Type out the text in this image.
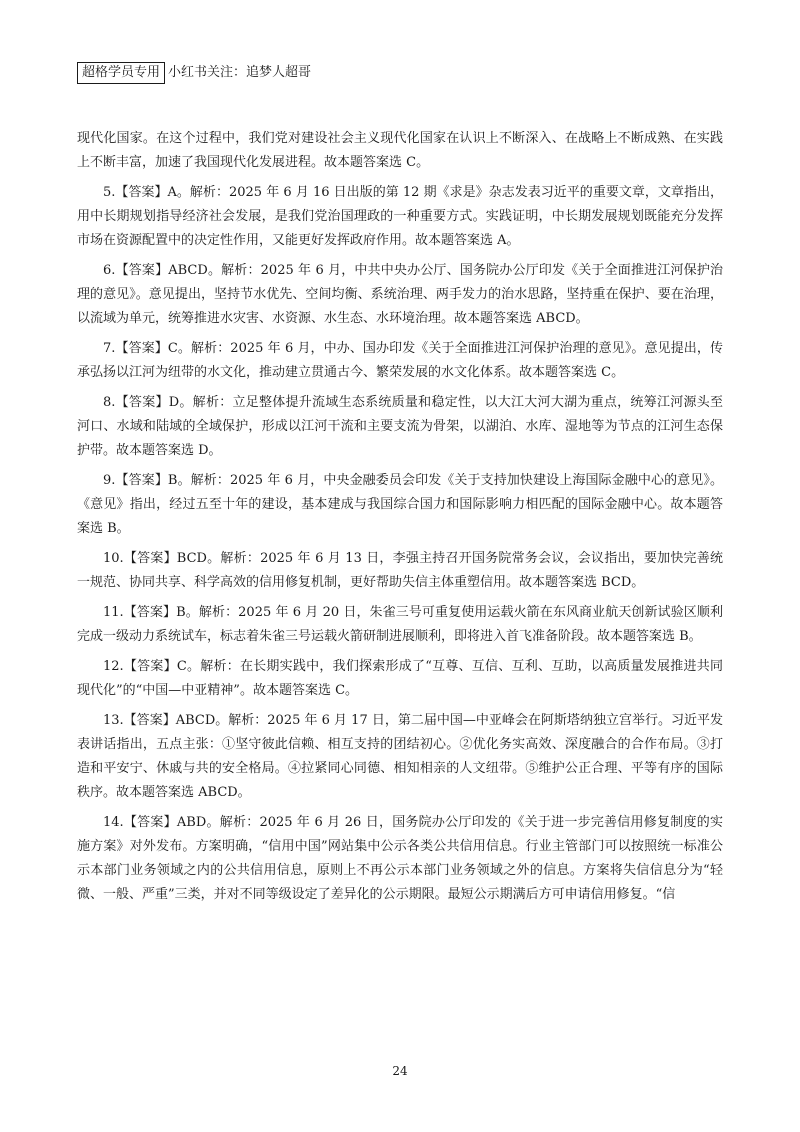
超格学员专用 小红书关注：追梦人超哥

现代化国家。在这个过程中，我们党对建设社会主义现代化国家在认识上不断深入、在战略上不断成熟、在实践上不断丰富，加速了我国现代化发展进程。故本题答案选 C。

5.【答案】A。解析：2025 年 6 月 16 日出版的第 12 期《求是》杂志发表习近平的重要文章，文章指出，用中长期规划指导经济社会发展，是我们党治国理政的一种重要方式。实践证明，中长期发展规划既能充分发挥市场在资源配置中的决定性作用，又能更好发挥政府作用。故本题答案选 A。

6.【答案】ABCD。解析：2025 年 6 月，中共中央办公厅、国务院办公厅印发《关于全面推进江河保护治理的意见》。意见提出，坚持节水优先、空间均衡、系统治理、两手发力的治水思路，坚持重在保护、要在治理，以流域为单元，统筹推进水灾害、水资源、水生态、水环境治理。故本题答案选 ABCD。

7.【答案】C。解析：2025 年 6 月，中办、国办印发《关于全面推进江河保护治理的意见》。意见提出，传承弘扬以江河为纽带的水文化，推动建立贯通古今、繁荣发展的水文化体系。故本题答案选 C。

8.【答案】D。解析：立足整体提升流域生态系统质量和稳定性，以大江大河大湖为重点，统筹江河源头至河口、水域和陆域的全域保护，形成以江河干流和主要支流为骨架，以湖泊、水库、湿地等为节点的江河生态保护带。故本题答案选 D。

9.【答案】B。解析：2025 年 6 月，中央金融委员会印发《关于支持加快建设上海国际金融中心的意见》。《意见》指出，经过五至十年的建设，基本建成与我国综合国力和国际影响力相匹配的国际金融中心。故本题答案选 B。

10.【答案】BCD。解析：2025 年 6 月 13 日，李强主持召开国务院常务会议，会议指出，要加快完善统一规范、协同共享、科学高效的信用修复机制，更好帮助失信主体重塑信用。故本题答案选 BCD。

11.【答案】B。解析：2025 年 6 月 20 日，朱雀三号可重复使用运载火箭在东风商业航天创新试验区顺利完成一级动力系统试车，标志着朱雀三号运载火箭研制进展顺利，即将进入首飞准备阶段。故本题答案选 B。

12.【答案】C。解析：在长期实践中，我们探索形成了“互尊、互信、互利、互助，以高质量发展推进共同现代化”的“中国—中亚精神”。故本题答案选 C。

13.【答案】ABCD。解析：2025 年 6 月 17 日，第二届中国—中亚峰会在阿斯塔纳独立宫举行。习近平发表讲话指出，五点主张：①坚守彼此信赖、相互支持的团结初心。②优化务实高效、深度融合的合作布局。③打造和平安宁、休戚与共的安全格局。④拉紧同心同德、相知相亲的人文纽带。⑤维护公正合理、平等有序的国际秩序。故本题答案选 ABCD。

14.【答案】ABD。解析：2025 年 6 月 26 日，国务院办公厅印发的《关于进一步完善信用修复制度的实施方案》对外发布。方案明确，“信用中国”网站集中公示各类公共信用信息。行业主管部门可以按照统一标准公示本部门业务领域之内的公共信用信息，原则上不再公示本部门业务领域之外的信息。方案将失信信息分为“轻微、一般、严重”三类，并对不同等级设定了差异化的公示期限。最短公示期满后方可申请信用修复。“信

24
